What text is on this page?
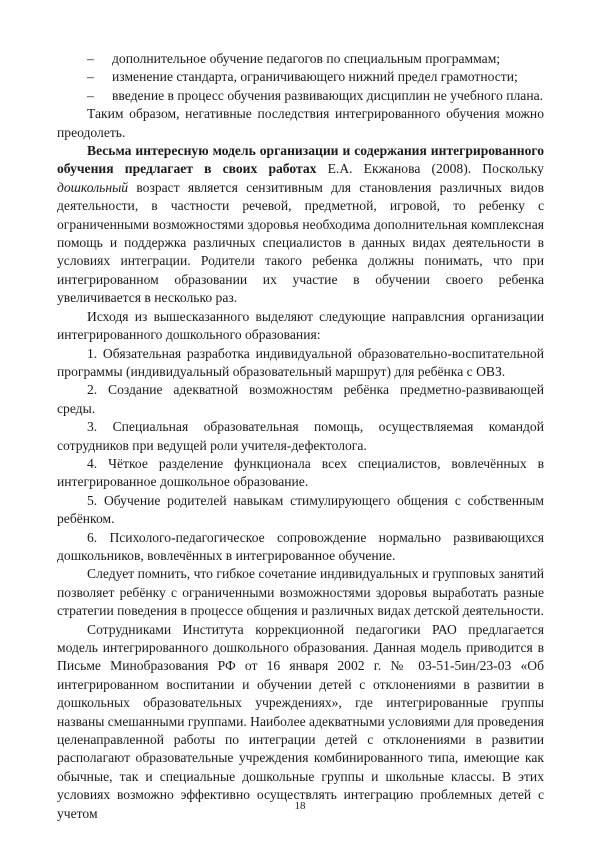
– дополнительное обучение педагогов по специальным программам;

– изменение стандарта, ограничивающего нижний предел грамотности;

– введение в процесс обучения развивающих дисциплин не учебного плана.

Таким образом, негативные последствия интегрированного обучения можно преодолеть.

Весьма интересную модель организации и содержания интегрированного обучения предлагает в своих работах Е.А. Екжанова (2008). Поскольку дошкольный возраст является сензитивным для становления различных видов деятельности, в частности речевой, предметной, игровой, то ребенку с ограниченными возможностями здоровья необходима дополнительная комплексная помощь и поддержка различных специалистов в данных видах деятельности в условиях интеграции. Родители такого ребенка должны понимать, что при интегрированном образовании их участие в обучении своего ребенка увеличивается в несколько раз.

Исходя из вышесказанного выделяют следующие направлсния организации интегрированного дошкольного образования:

1. Обязательная разработка индивидуальной образовательно-воспитательной программы (индивидуальный образовательный маршрут) для ребёнка с ОВЗ.

2. Создание адекватной возможностям ребёнка предметно-развивающей среды.

3. Специальная образовательная помощь, осуществляемая командой сотрудников при ведущей роли учителя-дефектолога.

4. Чёткое разделение функционала всех специалистов, вовлечённых в интегрированное дошкольное образование.

5. Обучение родителей навыкам стимулирующего общения с собственным ребёнком.

6. Психолого-педагогическое сопровождение нормально развивающихся дошкольников, вовлечённых в интегрированное обучение.

Следует помнить, что гибкое сочетание индивидуальных и групповых занятий позволяет ребёнку с ограниченными возможностями здоровья выработать разные стратегии поведения в процессе общения и различных видах детской деятельности.

Сотрудниками Института коррекционной педагогики РАО предлагается модель интегрированного дошкольного образования. Данная модель приводится в Письме Минобразования РФ от 16 января 2002 г. № 03-51-5ин/23-03 «Об интегрированном воспитании и обучении детей с отклонениями в развитии в дошкольных образовательных учреждениях», где интегрированные группы названы смешанными группами. Наиболее адекватными условиями для проведения целенаправленной работы по интеграции детей с отклонениями в развитии располагают образовательные учреждения комбинированного типа, имеющие как обычные, так и специальные дошкольные группы и школьные классы. В этих условиях возможно эффективно осуществлять интеграцию проблемных детей с учетом	18
